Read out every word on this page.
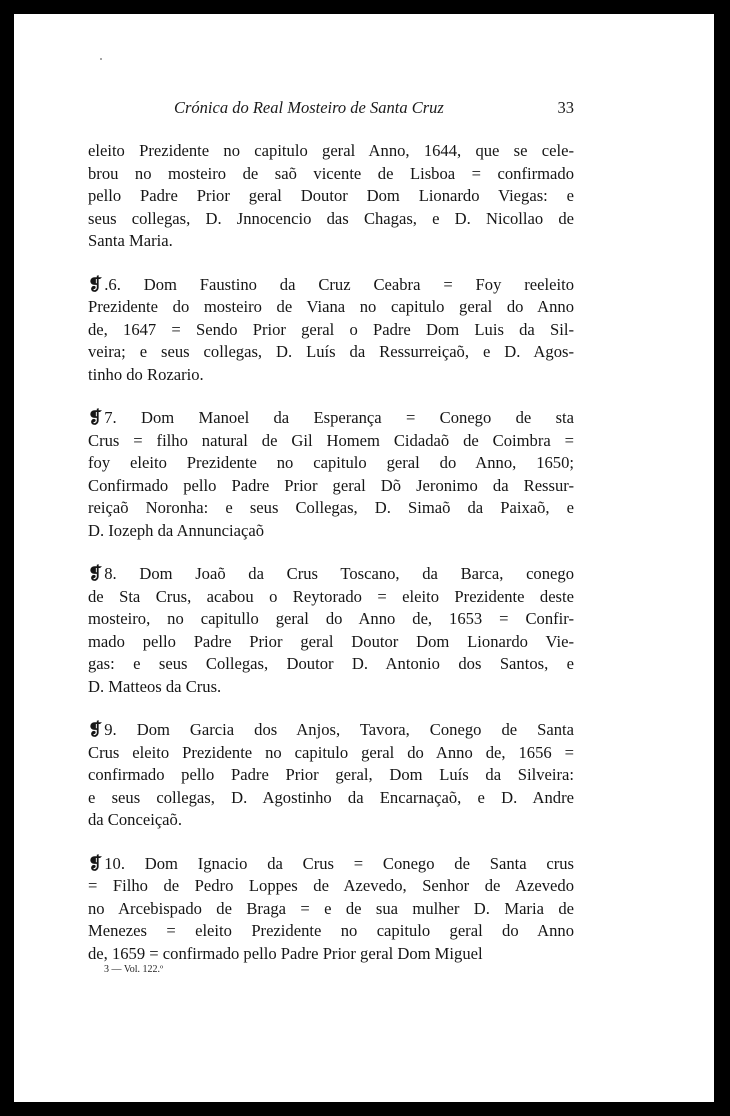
Crónica do Real Mosteiro de Santa Cruz	33
eleito Prezidente no capitulo geral Anno, 1644, que se cele-
brou no mosteiro de saõ vicente de Lisboa = confirmado
pello Padre Prior geral Doutor Dom Lionardo Viegas: e
seus collegas, D. Jnnocencio das Chagas, e D. Nicollao de
Santa Maria.
❡ .6. Dom Faustino da Cruz Ceabra = Foy reeleito
Prezidente do mosteiro de Viana no capitulo geral do Anno
de, 1647 = Sendo Prior geral o Padre Dom Luis da Sil-
veira; e seus collegas, D. Luís da Ressurreiçaõ, e D. Agos-
tinho do Rozario.
❡ 7. Dom Manoel da Esperança = Conego de sta
Crus = filho natural de Gil Homem Cidadaõ de Coimbra =
foy eleito Prezidente no capitulo geral do Anno, 1650;
Confirmado pello Padre Prior geral Dõ Jeronimo da Ressur-
reiçaõ Noronha: e seus Collegas, D. Simaõ da Paixaõ, e
D. Iozeph da Annunciaçaõ
❡ 8. Dom Joaõ da Crus Toscano, da Barca, conego
de Sta Crus, acabou o Reytorado = eleito Prezidente deste
mosteiro, no capitullo geral do Anno de, 1653 = Confir-
mado pello Padre Prior geral Doutor Dom Lionardo Vie-
gas: e seus Collegas, Doutor D. Antonio dos Santos, e
D. Matteos da Crus.
❡ 9. Dom Garcia dos Anjos, Tavora, Conego de Santa
Crus eleito Prezidente no capitulo geral do Anno de, 1656 =
confirmado pello Padre Prior geral, Dom Luís da Silveira:
e seus collegas, D. Agostinho da Encarnaçaõ, e D. Andre
da Conceiçaõ.
❡ 10. Dom Ignacio da Crus = Conego de Santa crus
= Filho de Pedro Loppes de Azevedo, Senhor de Azevedo
no Arcebispado de Braga = e de sua mulher D. Maria de
Menezes = eleito Prezidente no capitulo geral do Anno
de, 1659 = confirmado pello Padre Prior geral Dom Miguel
3 — Vol. 122.º
